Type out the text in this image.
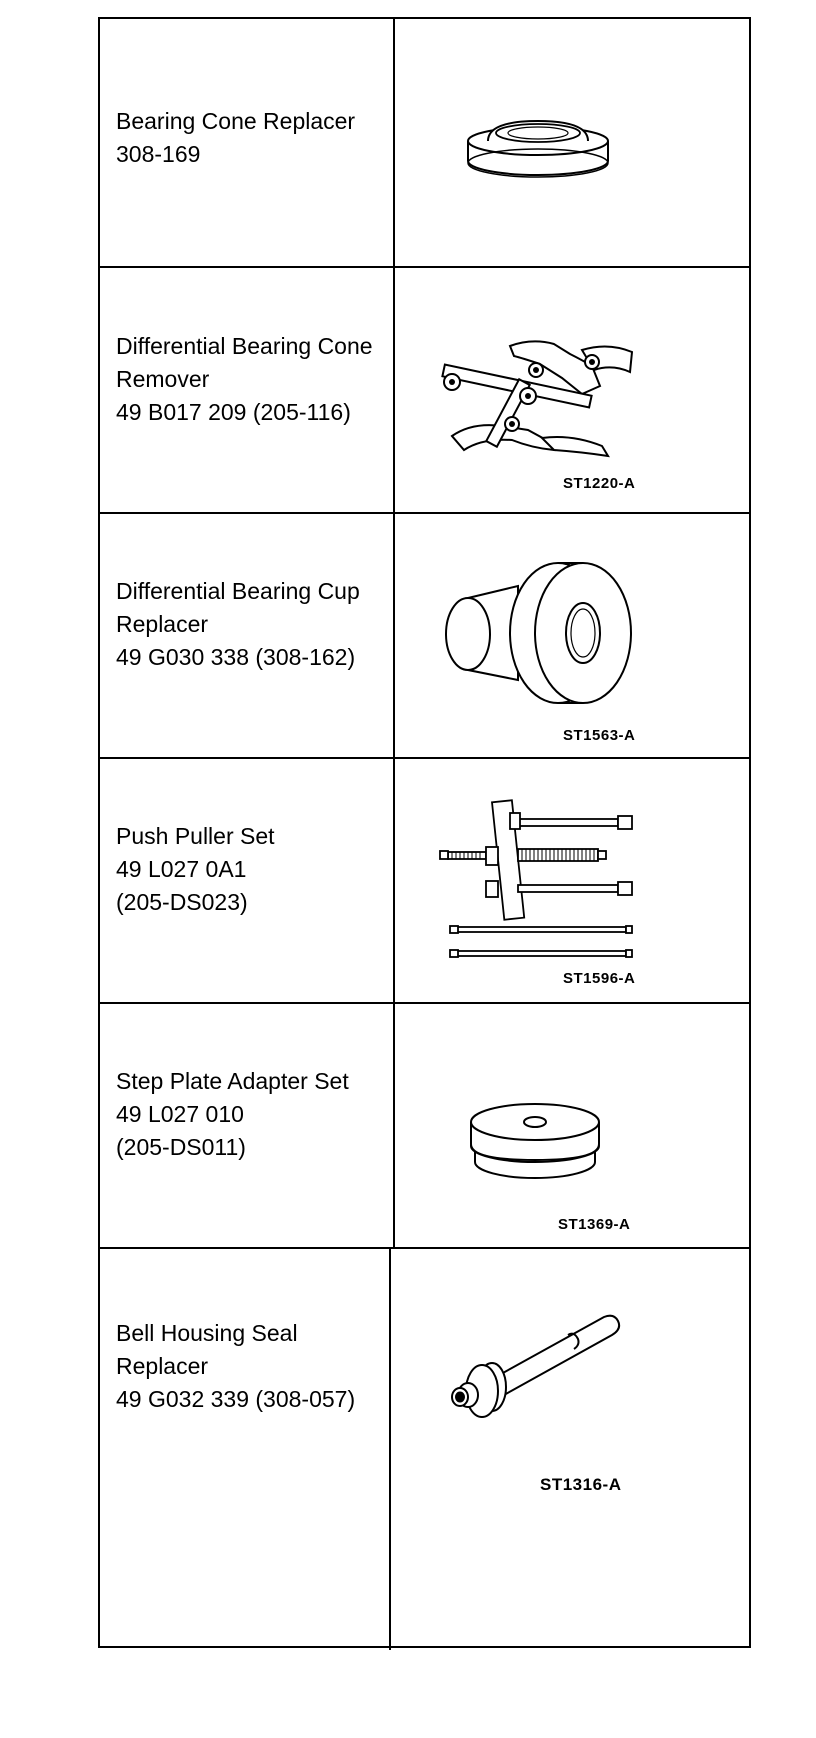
Bearing Cone Replacer
308-169
Differential Bearing Cone
Remover
49 B017 209 (205-116)
ST1220-A
Differential Bearing Cup
Replacer
49 G030 338 (308-162)
ST1563-A
Push Puller Set
49 L027 0A1
(205-DS023)
ST1596-A
Step Plate Adapter Set
49 L027 010
(205-DS011)
ST1369-A
Bell Housing Seal
Replacer
49 G032 339 (308-057)
ST1316-A
